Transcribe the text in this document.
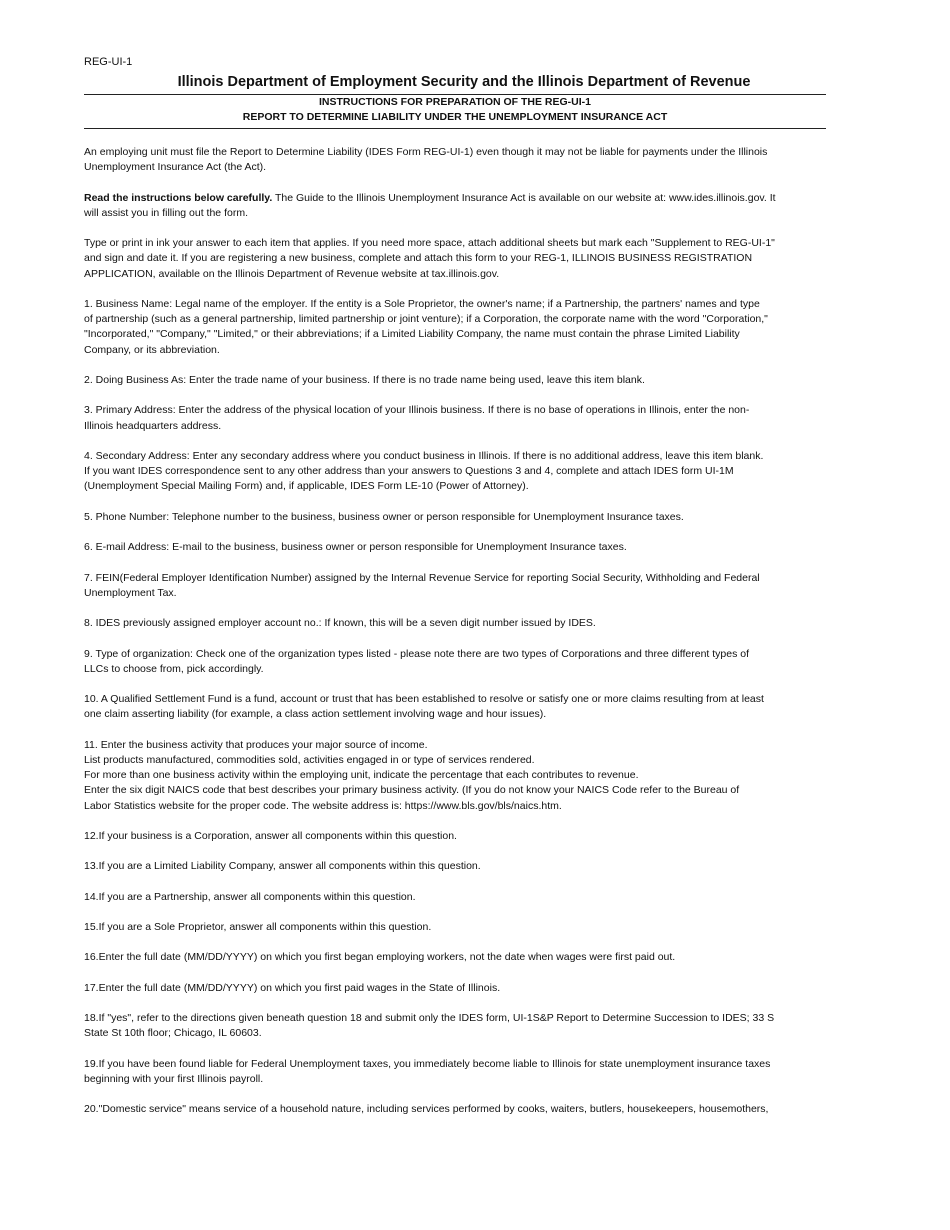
REG-UI-1

Illinois Department of Employment Security and the Illinois Department of Revenue

INSTRUCTIONS FOR PREPARATION OF THE REG-UI-1

REPORT TO DETERMINE LIABILITY UNDER THE UNEMPLOYMENT INSURANCE ACT

An employing unit must file the Report to Determine Liability (IDES Form REG-UI-1) even though it may not be liable for payments under the Illinois
Unemployment Insurance Act (the Act).
Read the instructions below carefully. The Guide to the Illinois Unemployment Insurance Act is available on our website at: www.ides.illinois.gov. It
will assist you in filling out the form.
Type or print in ink your answer to each item that applies. If you need more space, attach additional sheets but mark each "Supplement to REG-UI-1"
and sign and date it. If you are registering a new business, complete and attach this form to your REG-1, ILLINOIS BUSINESS REGISTRATION
APPLICATION, available on the Illinois Department of Revenue website at tax.illinois.gov.
1. Business Name: Legal name of the employer. If the entity is a Sole Proprietor, the owner's name; if a Partnership, the partners' names and type
of partnership (such as a general partnership, limited partnership or joint venture); if a Corporation, the corporate name with the word "Corporation,"
"Incorporated," "Company," "Limited," or their abbreviations; if a Limited Liability Company, the name must contain the phrase Limited Liability
Company, or its abbreviation.
2. Doing Business As: Enter the trade name of your business. If there is no trade name being used, leave this item blank.
3. Primary Address: Enter the address of the physical location of your Illinois business. If there is no base of operations in Illinois, enter the non-
Illinois headquarters address.
4. Secondary Address: Enter any secondary address where you conduct business in Illinois. If there is no additional address, leave this item blank.
If you want IDES correspondence sent to any other address than your answers to Questions 3 and 4, complete and attach IDES form UI-1M
(Unemployment Special Mailing Form) and, if applicable, IDES Form LE-10 (Power of Attorney).
5. Phone Number: Telephone number to the business, business owner or person responsible for Unemployment Insurance taxes.
6. E-mail Address: E-mail to the business, business owner or person responsible for Unemployment Insurance taxes.
7. FEIN(Federal Employer Identification Number) assigned by the Internal Revenue Service for reporting Social Security, Withholding and Federal
Unemployment Tax.
8. IDES previously assigned employer account no.: If known, this will be a seven digit number issued by IDES.
9. Type of organization: Check one of the organization types listed - please note there are two types of Corporations and three different types of
LLCs to choose from, pick accordingly.
10. A Qualified Settlement Fund is a fund, account or trust that has been established to resolve or satisfy one or more claims resulting from at least
one claim asserting liability (for example, a class action settlement involving wage and hour issues).
11. Enter the business activity that produces your major source of income.
List products manufactured, commodities sold, activities engaged in or type of services rendered.
For more than one business activity within the employing unit, indicate the percentage that each contributes to revenue.
Enter the six digit NAICS code that best describes your primary business activity. (If you do not know your NAICS Code refer to the Bureau of
Labor Statistics website for the proper code. The website address is: https://www.bls.gov/bls/naics.htm.
12.If your business is a Corporation, answer all components within this question.
13.If you are a Limited Liability Company, answer all components within this question.
14.If you are a Partnership, answer all components within this question.
15.If you are a Sole Proprietor, answer all components within this question.
16.Enter the full date (MM/DD/YYYY) on which you first began employing workers, not the date when wages were first paid out.
17.Enter the full date (MM/DD/YYYY) on which you first paid wages in the State of Illinois.
18.If "yes", refer to the directions given beneath question 18 and submit only the IDES form, UI-1S&P Report to Determine Succession to IDES; 33 S
State St 10th floor; Chicago, IL 60603.
19.If you have been found liable for Federal Unemployment taxes, you immediately become liable to Illinois for state unemployment insurance taxes
beginning with your first Illinois payroll.
20."Domestic service" means service of a household nature, including services performed by cooks, waiters, butlers, housekeepers, housemothers,
